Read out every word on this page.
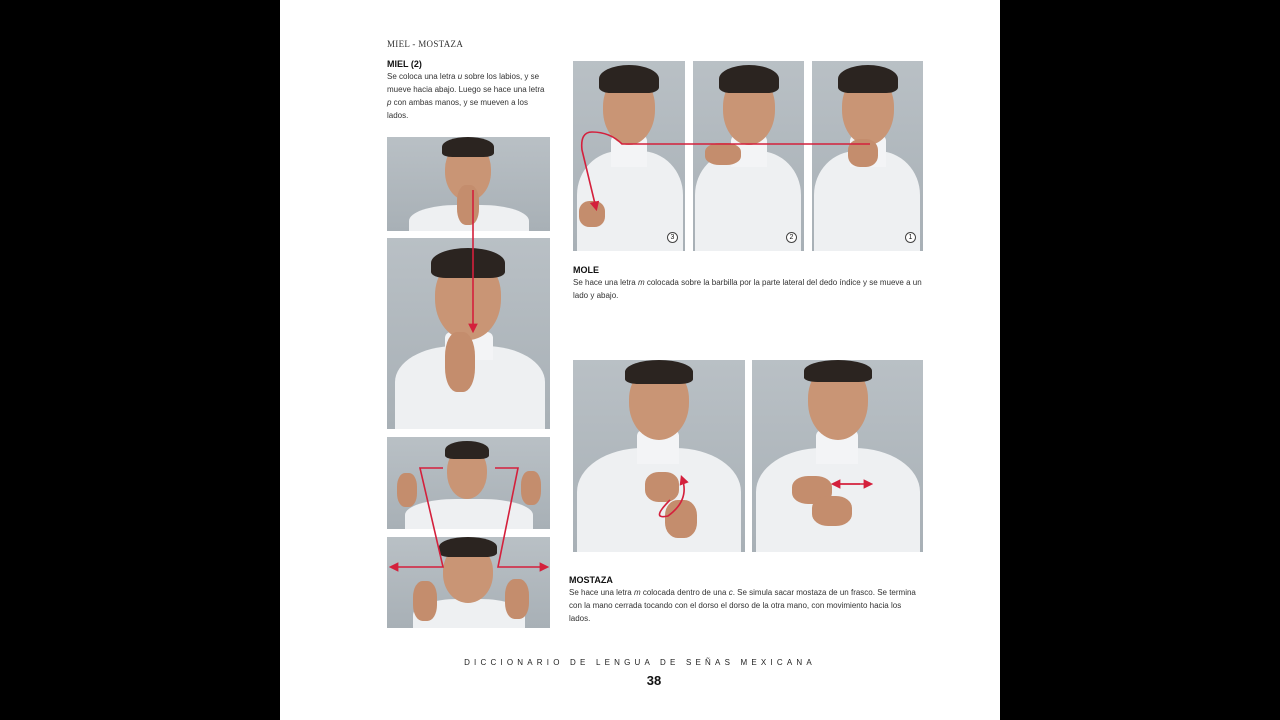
MIEL - MOSTAZA
MIEL (2)
Se coloca una letra u sobre los labios, y se mueve hacia abajo. Luego se hace una letra p con ambas manos, y se mueven a los lados.
3	2	1
MOLE
Se hace una letra m colocada sobre la barbilla por la parte lateral del dedo índice y se mueve a un lado y abajo.
MOSTAZA
Se hace una letra m colocada dentro de una c. Se simula sacar mostaza de un frasco. Se termina con la mano cerrada tocando con el dorso el dorso de la otra mano, con movimiento hacia los lados.
DICCIONARIO DE LENGUA DE SEÑAS MEXICANA
38
